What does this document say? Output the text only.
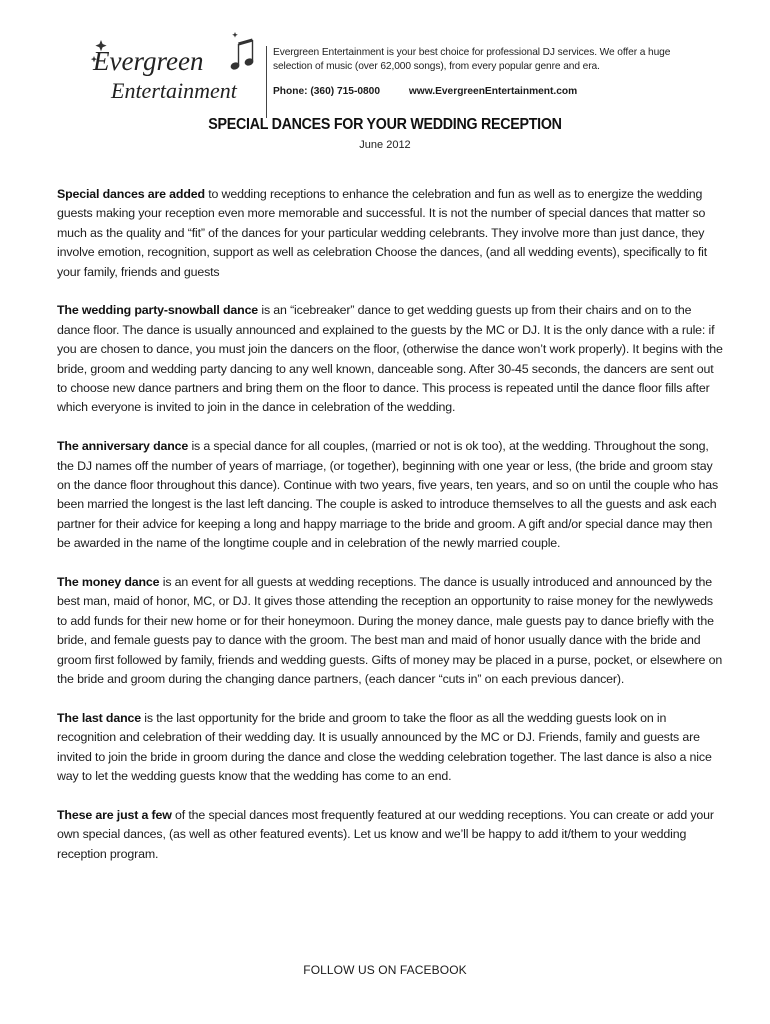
Evergreen
Entertainment
Evergreen Entertainment is your best choice for professional DJ services. We offer a huge selection of music (over 62,000 songs), from every popular genre and era.
Phone: (360) 715-0800	www.EvergreenEntertainment.com
SPECIAL DANCES FOR YOUR WEDDING RECEPTION
June 2012

Special dances are added to wedding receptions to enhance the celebration and fun as well as to energize the wedding guests making your reception even more memorable and successful. It is not the number of special dances that matter so much as the quality and “fit” of the dances for your particular wedding celebrants. They involve more than just dance, they involve emotion, recognition, support as well as celebration Choose the dances, (and all wedding events), specifically to fit your family, friends and guests

The wedding party-snowball dance is an “icebreaker” dance to get wedding guests up from their chairs and on to the dance floor. The dance is usually announced and explained to the guests by the MC or DJ. It is the only dance with a rule: if you are chosen to dance, you must join the dancers on the floor, (otherwise the dance won’t work properly). It begins with the bride, groom and wedding party dancing to any well known, danceable song. After 30-45 seconds, the dancers are sent out to choose new dance partners and bring them on the floor to dance. This process is repeated until the dance floor fills after which everyone is invited to join in the dance in celebration of the wedding.

The anniversary dance is a special dance for all couples, (married or not is ok too), at the wedding. Throughout the song, the DJ names off the number of years of marriage, (or together), beginning with one year or less, (the bride and groom stay on the dance floor throughout this dance). Continue with two years, five years, ten years, and so on until the couple who has been married the longest is the last left dancing. The couple is asked to introduce themselves to all the guests and ask each partner for their advice for keeping a long and happy marriage to the bride and groom. A gift and/or special dance may then be awarded in the name of the longtime couple and in celebration of the newly married couple.

The money dance is an event for all guests at wedding receptions. The dance is usually introduced and announced by the best man, maid of honor, MC, or DJ. It gives those attending the reception an opportunity to raise money for the newlyweds to add funds for their new home or for their honeymoon. During the money dance, male guests pay to dance briefly with the bride, and female guests pay to dance with the groom. The best man and maid of honor usually dance with the bride and groom first followed by family, friends and wedding guests. Gifts of money may be placed in a purse, pocket, or elsewhere on the bride and groom during the changing dance partners, (each dancer “cuts in” on each previous dancer).

The last dance is the last opportunity for the bride and groom to take the floor as all the wedding guests look on in recognition and celebration of their wedding day. It is usually announced by the MC or DJ. Friends, family and guests are invited to join the bride in groom during the dance and close the wedding celebration together. The last dance is also a nice way to let the wedding guests know that the wedding has come to an end.

These are just a few of the special dances most frequently featured at our wedding receptions. You can create or add your own special dances, (as well as other featured events). Let us know and we’ll be happy to add it/them to your wedding reception program.

FOLLOW US ON FACEBOOK
